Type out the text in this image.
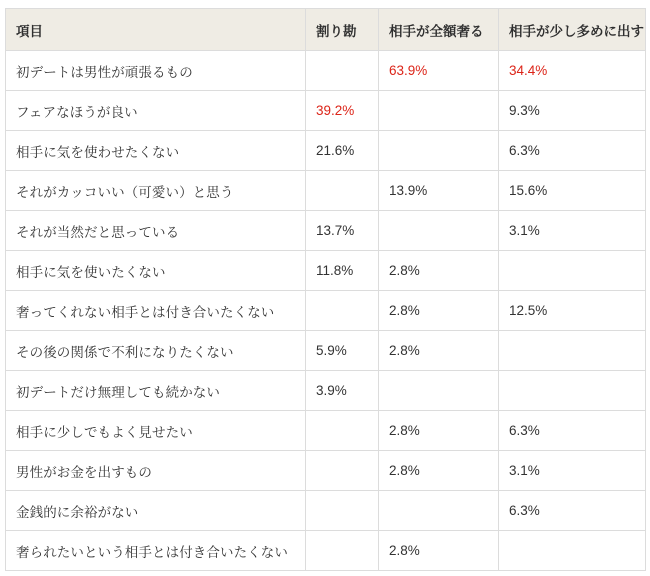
項目	割り勘	相手が全額奢る	相手が少し多めに出す
初デートは男性が頑張るもの		63.9%	34.4%
フェアなほうが良い	39.2%		9.3%
相手に気を使わせたくない	21.6%		6.3%
それがカッコいい（可愛い）と思う		13.9%	15.6%
それが当然だと思っている	13.7%		3.1%
相手に気を使いたくない	11.8%	2.8%	
奢ってくれない相手とは付き合いたくない		2.8%	12.5%
その後の関係で不利になりたくない	5.9%	2.8%	
初デートだけ無理しても続かない	3.9%		
相手に少しでもよく見せたい		2.8%	6.3%
男性がお金を出すもの		2.8%	3.1%
金銭的に余裕がない			6.3%
奢られたいという相手とは付き合いたくない		2.8%	
